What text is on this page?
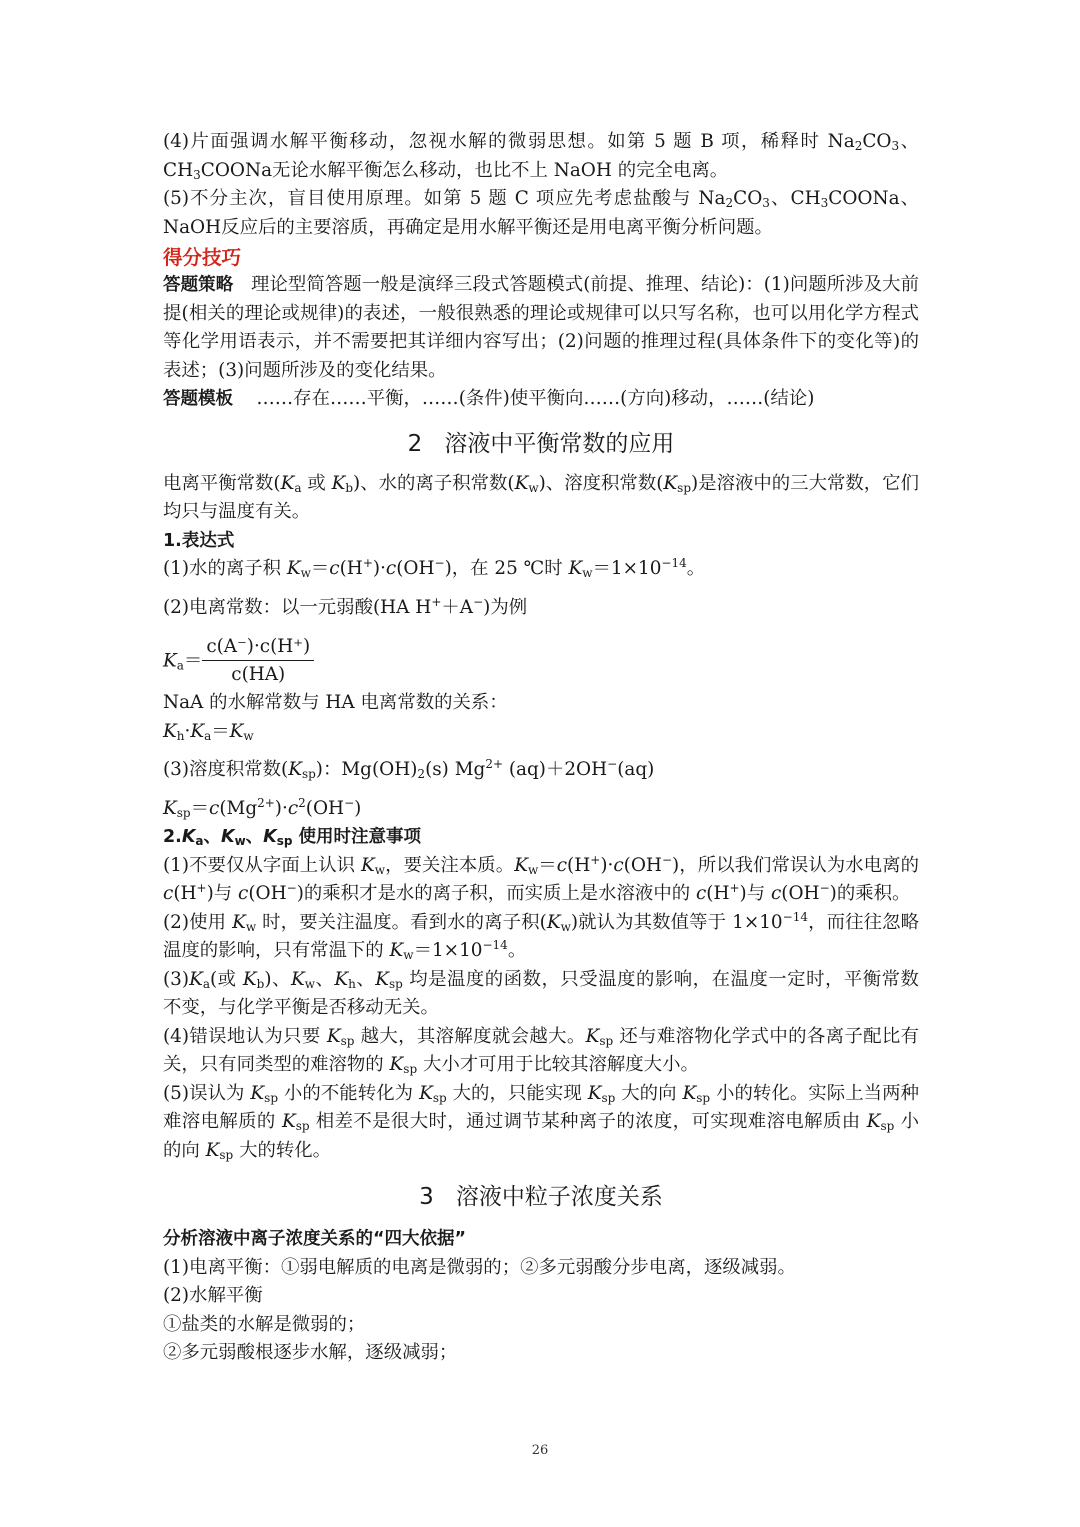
(4)片面强调水解平衡移动，忽视水解的微弱思想。如第 5 题 B 项，稀释时 $Na_2CO_3$、$CH_3COONa$无论水解平衡怎么移动，也比不上 NaOH 的完全电离。

(5)不分主次，盲目使用原理。如第 5 题 C 项应先考虑盐酸与 $Na_2CO_3$、$CH_3COONa$、NaOH反应后的主要溶质，再确定是用水解平衡还是用电离平衡分析问题。

得分技巧

答题策略 理论型简答题一般是演绎三段式答题模式(前提、推理、结论)：(1)问题所涉及大前提(相关的理论或规律)的表述，一般很熟悉的理论或规律可以只写名称，也可以用化学方程式等化学用语表示，并不需要把其详细内容写出；(2)问题的推理过程(具体条件下的变化等)的表述；(3)问题所涉及的变化结果。

答题模板 ……存在……平衡，……(条件)使平衡向……(方向)移动，……(结论)

2 溶液中平衡常数的应用

电离平衡常数($K_a$ 或 $K_b$)、水的离子积常数$(K_w)$、溶度积常数$(K_{sp})$是溶液中的三大常数，它们均只与温度有关。

1.表达式

(1)水的离子积 $K_w=c(H^+)\cdot c(OH^-)$，在 25 ℃时 $K_w=1\times 10^{-14}$。

(2)电离常数：以一元弱酸(HA H+＋A−)为例

$K_a= \frac{c(A^-)\cdot c(H^+)}{c(HA)}$

NaA 的水解常数与 HA 电离常数的关系：

$K_h\cdot K_a=K_w$

(3)溶度积常数$(K_{sp})$：$Mg(OH)_2(s)$ $Mg^{2+}$ (aq)＋2OH−(aq)

$K_{sp}=c(Mg^{2+})\cdot c^2(OH^-)$

$2.K_a$、$K_w$、$K_{sp}$ 使用时注意事项

(1)不要仅从字面上认识 $K_w$，要关注本质。$K_w=c(H^+)\cdot c(OH^-)$，所以我们常误认为水电离的c(H+)与 c(OH−)的乘积才是水的离子积，而实质上是水溶液中的 c(H+)与 c(OH−)的乘积。

(2)使用 $K_w$ 时，要关注温度。看到水的离子积$(K_w)$就认为其数值等于 $1\times 10^{-14}$，而往往忽略温度的影响，只有常温下的 $K_w=1\times 10^{-14}$。

$(3)K_a$(或 $K_b$)、$K_w$、$K_h$、$K_{sp}$ 均是温度的函数，只受温度的影响，在温度一定时，平衡常数不变，与化学平衡是否移动无关。

(4)错误地认为只要 $K_{sp}$ 越大，其溶解度就会越大。$K_{sp}$ 还与难溶物化学式中的各离子配比有关，只有同类型的难溶物的 $K_{sp}$ 大小才可用于比较其溶解度大小。

(5)误认为 $K_{sp}$ 小的不能转化为 $K_{sp}$ 大的，只能实现 $K_{sp}$ 大的向 $K_{sp}$ 小的转化。实际上当两种难溶电解质的 $K_{sp}$ 相差不是很大时，通过调节某种离子的浓度，可实现难溶电解质由 $K_{sp}$ 小的向 $K_{sp}$ 大的转化。

3 溶液中粒子浓度关系

分析溶液中离子浓度关系的“四大依据”

(1)电离平衡：①弱电解质的电离是微弱的；②多元弱酸分步电离，逐级减弱。

(2)水解平衡

①盐类的水解是微弱的；

②多元弱酸根逐步水解，逐级减弱；

26
